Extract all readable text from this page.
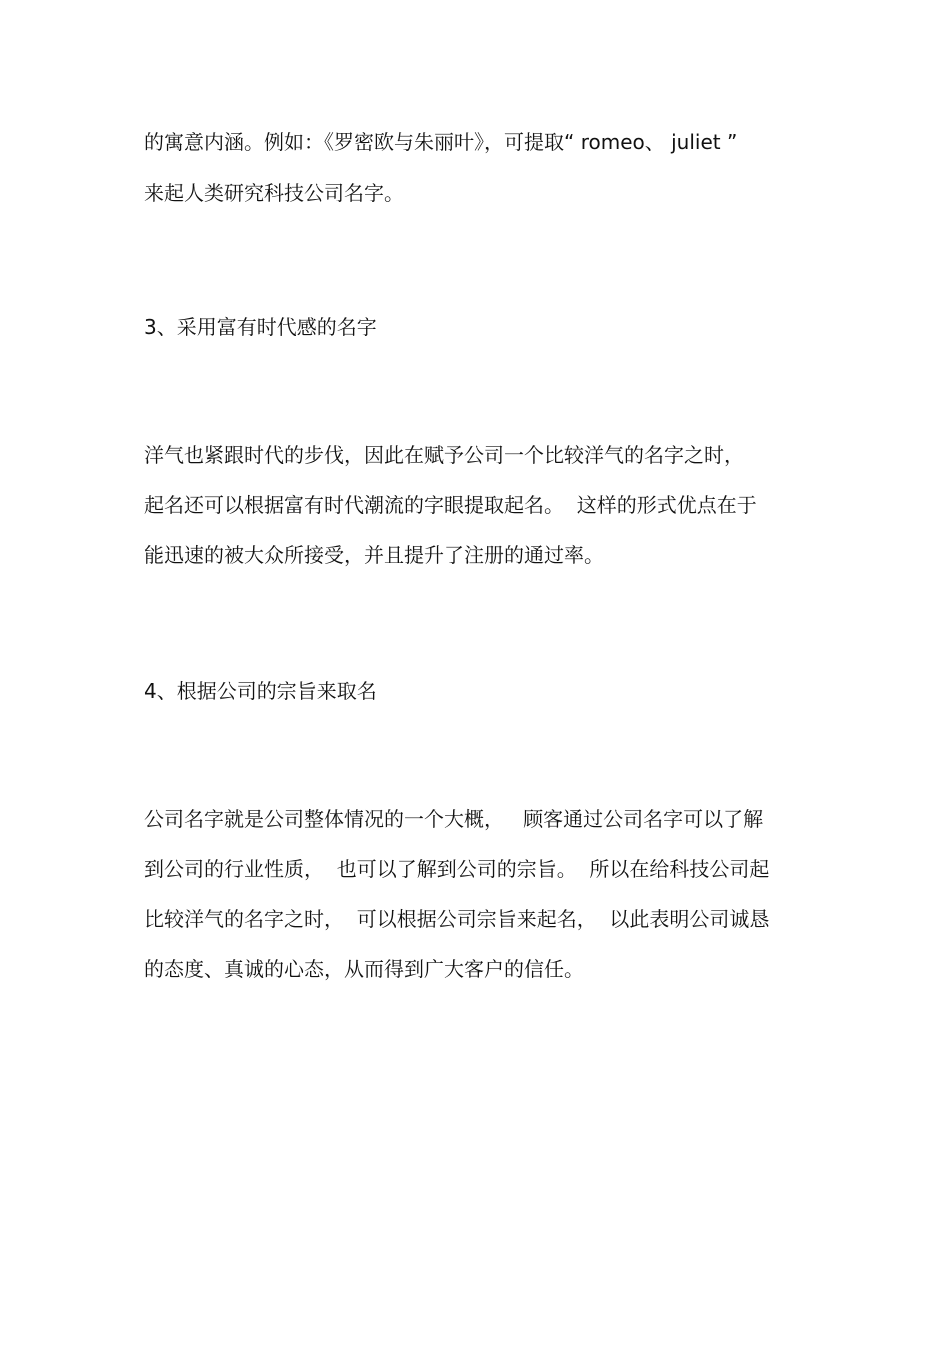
的寓意内涵。例如：《罗密欧与朱丽叶》，可提取“ romeo、 juliet ”

来起人类研究科技公司名字。

3、采用富有时代感的名字

洋气也紧跟时代的步伐，因此在赋予公司一个比较洋气的名字之时，

起名还可以根据富有时代潮流的字眼提取起名。  这样的形式优点在于

能迅速的被大众所接受，并且提升了注册的通过率。

4、根据公司的宗旨来取名

公司名字就是公司整体情况的一个大概，   顾客通过公司名字可以了解

到公司的行业性质，  也可以了解到公司的宗旨。  所以在给科技公司起

比较洋气的名字之时，  可以根据公司宗旨来起名，  以此表明公司诚恳

的态度、真诚的心态，从而得到广大客户的信任。
